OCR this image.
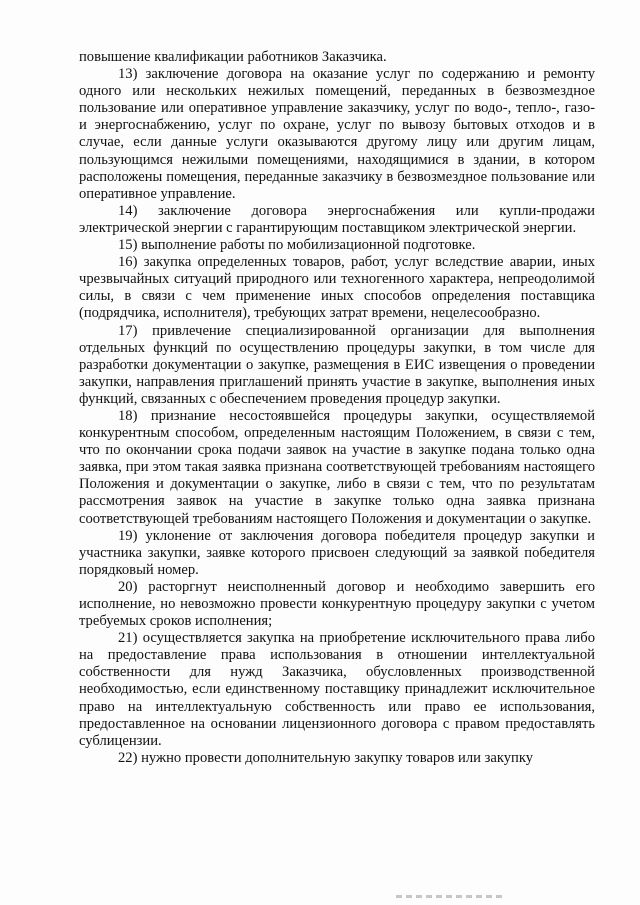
повышение квалификации работников Заказчика.

13) заключение договора на оказание услуг по содержанию и ремонту одного или нескольких нежилых помещений, переданных в безвозмездное пользование или оперативное управление заказчику, услуг по водо-, тепло-, газо- и энергоснабжению, услуг по охране, услуг по вывозу бытовых отходов и в случае, если данные услуги оказываются другому лицу или другим лицам, пользующимся нежилыми помещениями, находящимися в здании, в котором расположены помещения, переданные заказчику в безвозмездное пользование или оперативное управление.

14) заключение договора энергоснабжения или купли-продажи электрической энергии с гарантирующим поставщиком электрической энергии.

15) выполнение работы по мобилизационной подготовке.

16) закупка определенных товаров, работ, услуг вследствие аварии, иных чрезвычайных ситуаций природного или техногенного характера, непреодолимой силы, в связи с чем применение иных способов определения поставщика (подрядчика, исполнителя), требующих затрат времени, нецелесообразно.

17) привлечение специализированной организации для выполнения отдельных функций по осуществлению процедуры закупки, в том числе для разработки документации о закупке, размещения в ЕИС извещения о проведении закупки, направления приглашений принять участие в закупке, выполнения иных функций, связанных с обеспечением проведения процедур закупки.

18) признание несостоявшейся процедуры закупки, осуществляемой конкурентным способом, определенным настоящим Положением, в связи с тем, что по окончании срока подачи заявок на участие в закупке подана только одна заявка, при этом такая заявка признана соответствующей требованиям настоящего Положения и документации о закупке, либо в связи с тем, что по результатам рассмотрения заявок на участие в закупке только одна заявка признана соответствующей требованиям настоящего Положения и документации о закупке.

19) уклонение от заключения договора победителя процедур закупки и участника закупки, заявке которого присвоен следующий за заявкой победителя порядковый номер.

20) расторгнут неисполненный договор и необходимо завершить его исполнение, но невозможно провести конкурентную процедуру закупки с учетом требуемых сроков исполнения;

21) осуществляется закупка на приобретение исключительного права либо на предоставление права использования в отношении интеллектуальной собственности для нужд Заказчика, обусловленных производственной необходимостью, если единственному поставщику принадлежит исключительное право на интеллектуальную собственность или право ее использования, предоставленное на основании лицензионного договора с правом предоставлять сублицензии.

22) нужно провести дополнительную закупку товаров или закупку
